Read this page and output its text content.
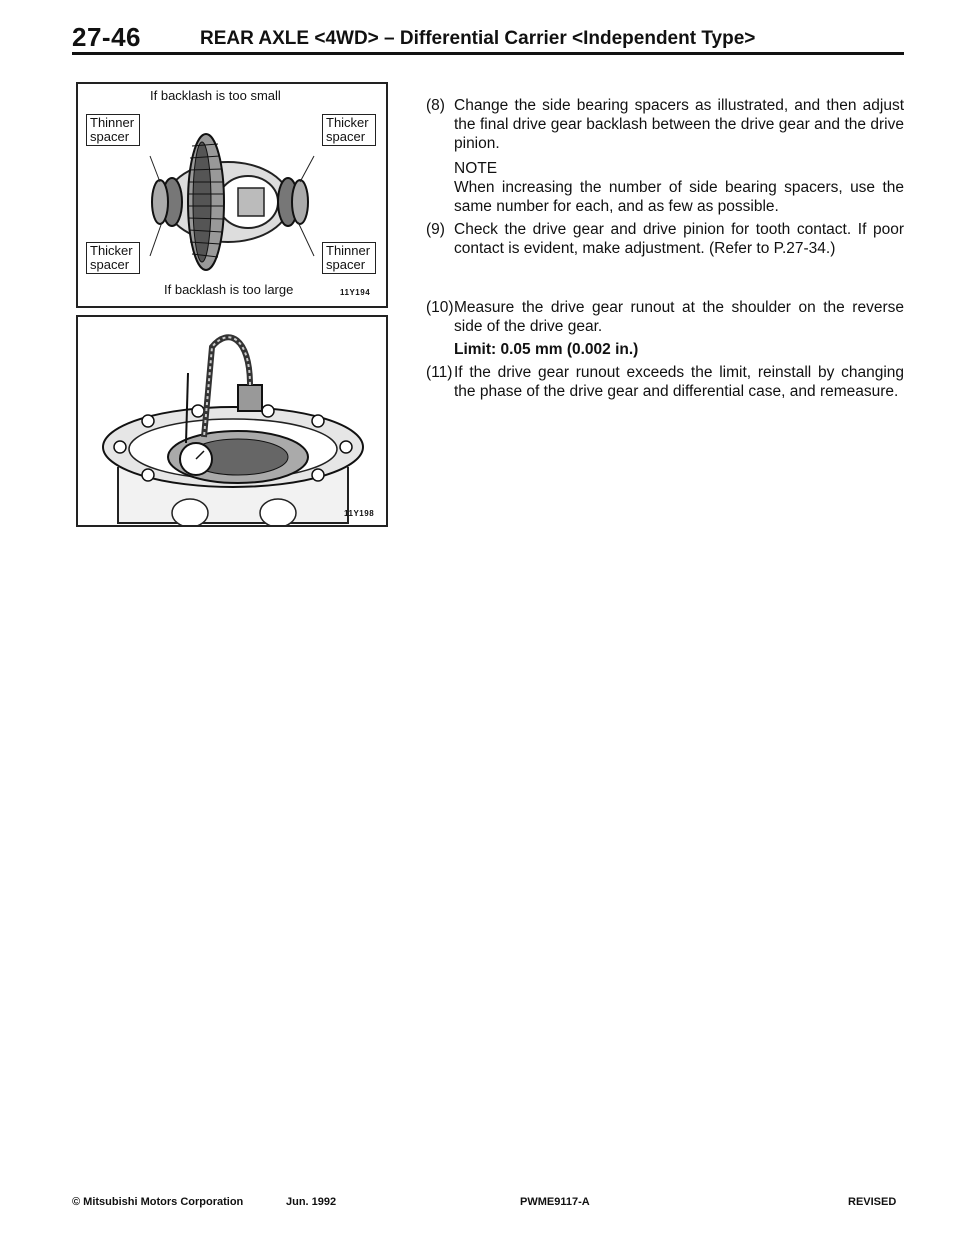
27-46	REAR AXLE <4WD> – Differential Carrier <Independent Type>
If backlash is too small
Thinner spacer
Thicker spacer
Thicker spacer
Thinner spacer
If backlash is too large	11Y194
11Y198
(8) Change the side bearing spacers as illustrated, and then adjust the final drive gear backlash between the drive gear and the drive pinion.
NOTE
When increasing the number of side bearing spacers, use the same number for each, and as few as possible.
(9) Check the drive gear and drive pinion for tooth contact. If poor contact is evident, make adjustment. (Refer to P.27-34.)
(10) Measure the drive gear runout at the shoulder on the reverse side of the drive gear.
Limit: 0.05 mm (0.002 in.)
(11) If the drive gear runout exceeds the limit, reinstall by changing the phase of the drive gear and differential case, and remeasure.
© Mitsubishi Motors Corporation	Jun. 1992	PWME9117-A	REVISED
